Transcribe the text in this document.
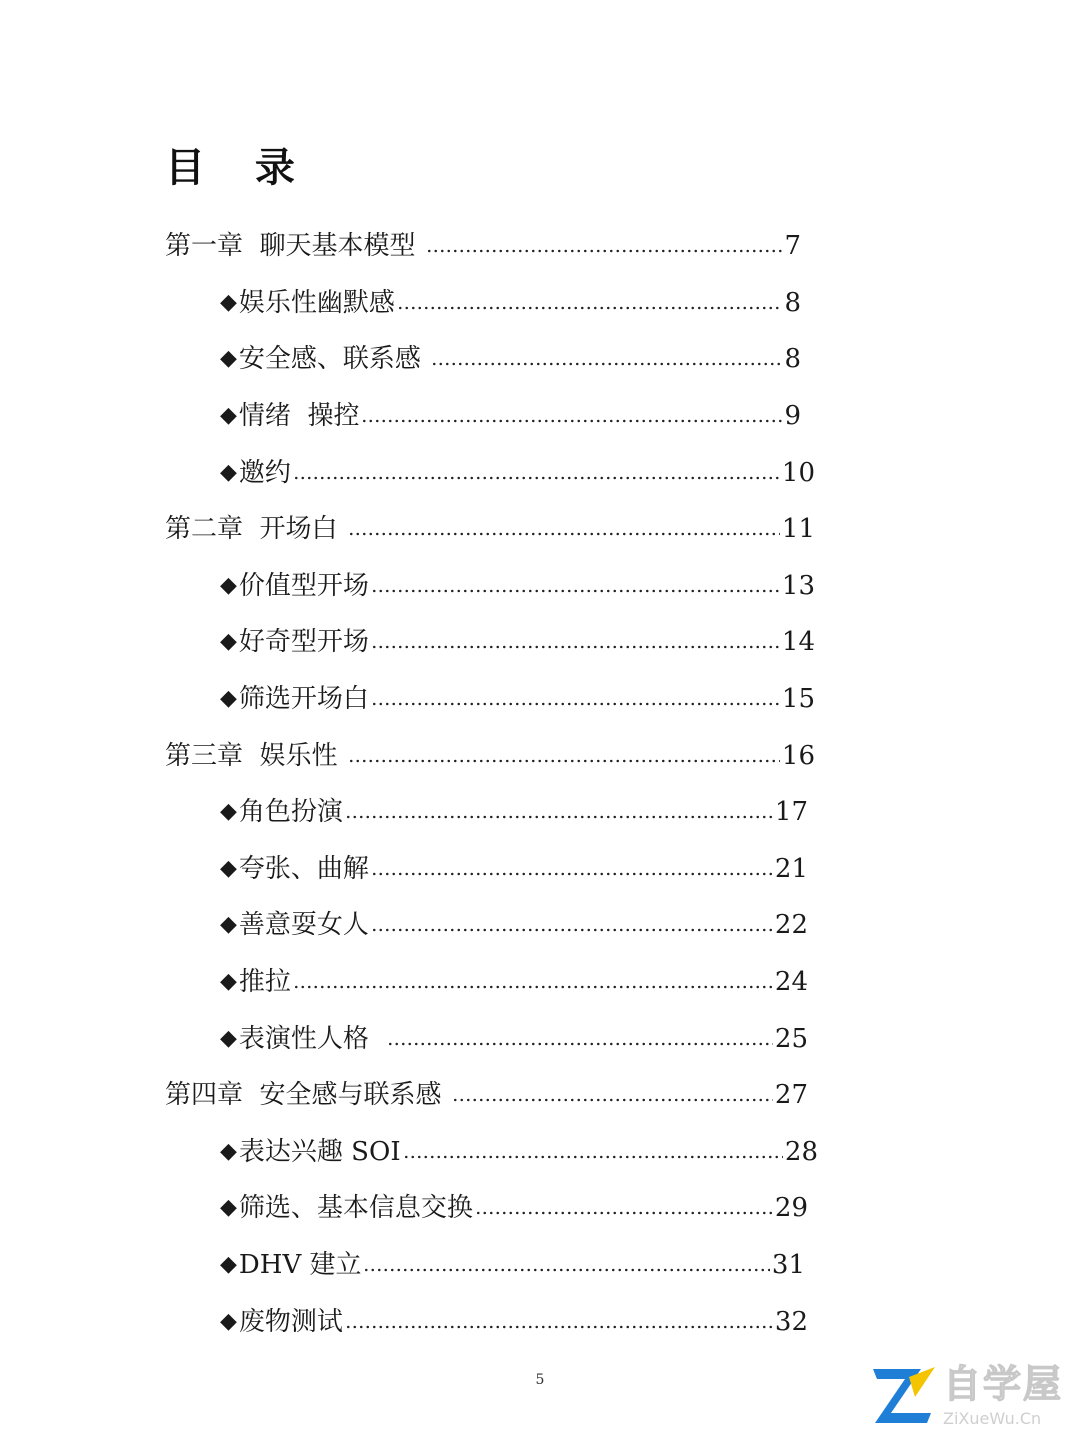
目 录
第一章  聊天基本模型	7
◆ 娱乐性幽默感	8
◆ 安全感、联系感	8
◆ 情绪  操控	9
◆ 邀约	10
第二章  开场白	11
◆ 价值型开场	13
◆ 好奇型开场	14
◆ 筛选开场白	15
第三章  娱乐性	16
◆ 角色扮演	17
◆ 夸张、曲解	21
◆ 善意耍女人	22
◆ 推拉	24
◆ 表演性人格	25
第四章  安全感与联系感	27
◆ 表达兴趣 SOI	28
◆ 筛选、基本信息交换	29
◆ DHV 建立	31
◆ 废物测试	32
5	自学屋
ZiXueWu.Cn
